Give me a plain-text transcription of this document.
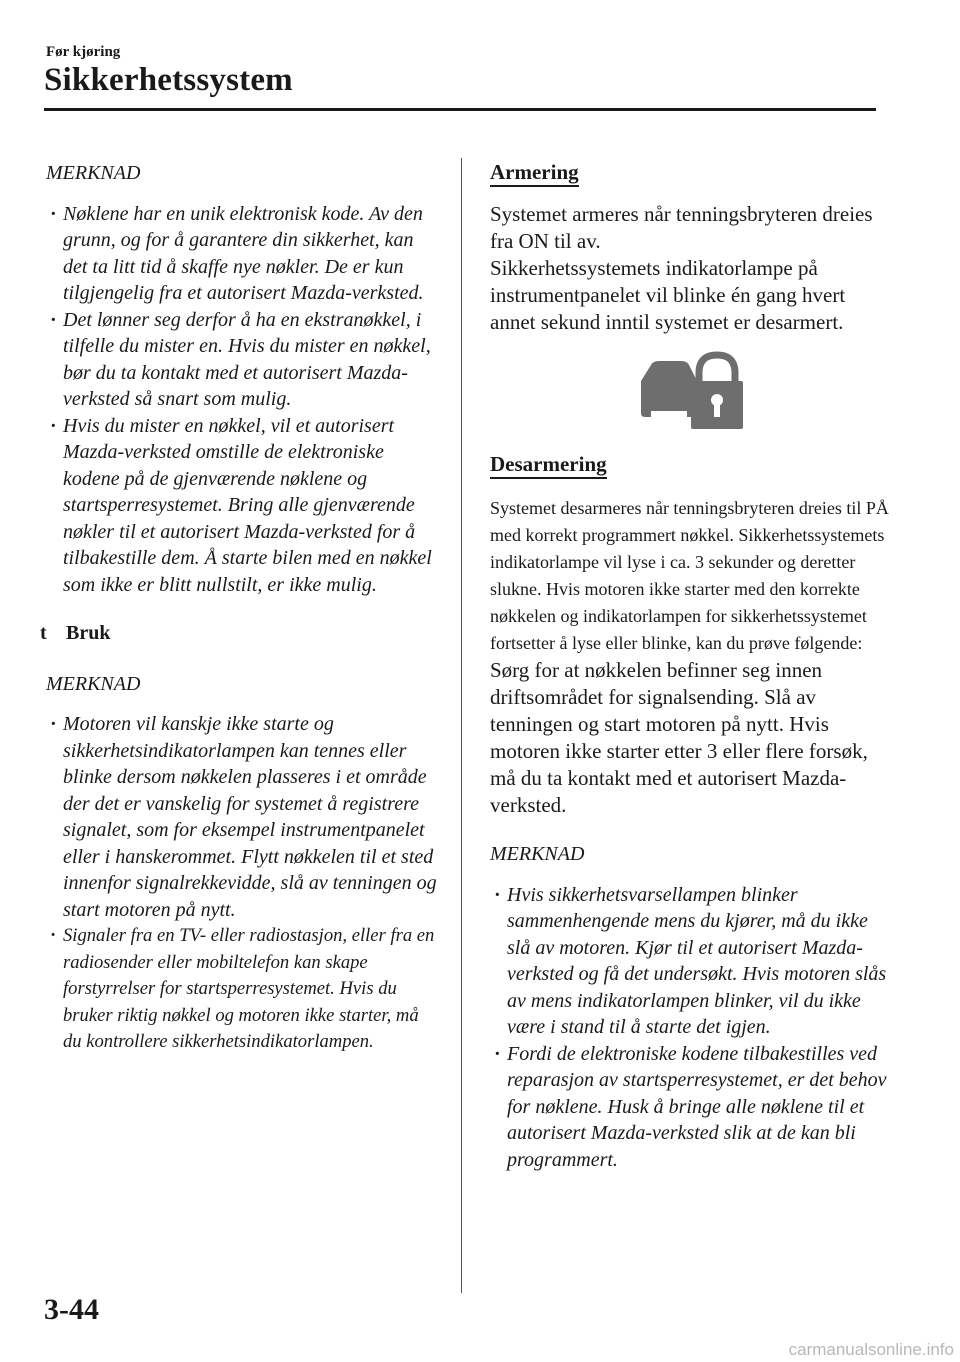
Før kjøring
Sikkerhetssystem
MERKNAD
· Nøklene har en unik elektronisk kode. Av den grunn, og for å garantere din sikkerhet, kan det ta litt tid å skaffe nye nøkler. De er kun tilgjengelig fra et autorisert Mazda-verksted.
· Det lønner seg derfor å ha en ekstranøkkel, i tilfelle du mister en. Hvis du mister en nøkkel, bør du ta kontakt med et autorisert Mazda-verksted så snart som mulig.
· Hvis du mister en nøkkel, vil et autorisert Mazda-verksted omstille de elektroniske kodene på de gjenværende nøklene og startsperresystemet. Bring alle gjenværende nøkler til et autorisert Mazda-verksted for å tilbakestille dem. Å starte bilen med en nøkkel som ikke er blitt nullstilt, er ikke mulig.
t Bruk
MERKNAD
· Motoren vil kanskje ikke starte og sikkerhetsindikatorlampen kan tennes eller blinke dersom nøkkelen plasseres i et område der det er vanskelig for systemet å registrere signalet, som for eksempel instrumentpanelet eller i hanskerommet. Flytt nøkkelen til et sted innenfor signalrekkevidde, slå av tenningen og start motoren på nytt.
· Signaler fra en TV- eller radiostasjon, eller fra en radiosender eller mobiltelefon kan skape forstyrrelser for startsperresystemet. Hvis du bruker riktig nøkkel og motoren ikke starter, må du kontrollere sikkerhetsindikatorlampen.
Armering

Systemet armeres når tenningsbryteren dreies fra ON til av.

Sikkerhetssystemets indikatorlampe på instrumentpanelet vil blinke én gang hvert annet sekund inntil systemet er desarmert.

Desarmering

Systemet desarmeres når tenningsbryteren dreies til PÅ med korrekt programmert nøkkel. Sikkerhetssystemets indikatorlampe vil lyse i ca. 3 sekunder og deretter slukne. Hvis motoren ikke starter med den korrekte nøkkelen og indikatorlampen for sikkerhetssystemet fortsetter å lyse eller blinke, kan du prøve følgende:

Sørg for at nøkkelen befinner seg innen driftsområdet for signalsending. Slå av tenningen og start motoren på nytt. Hvis motoren ikke starter etter 3 eller flere forsøk, må du ta kontakt med et autorisert Mazda-verksted.

MERKNAD
· Hvis sikkerhetsvarsellampen blinker sammenhengende mens du kjører, må du ikke slå av motoren. Kjør til et autorisert Mazda-verksted og få det undersøkt. Hvis motoren slås av mens indikatorlampen blinker, vil du ikke være i stand til å starte det igjen.
· Fordi de elektroniske kodene tilbakestilles ved reparasjon av startsperresystemet, er det behov for nøklene. Husk å bringe alle nøklene til et autorisert Mazda-verksted slik at de kan bli programmert.
3-44
carmanualsonline.info
